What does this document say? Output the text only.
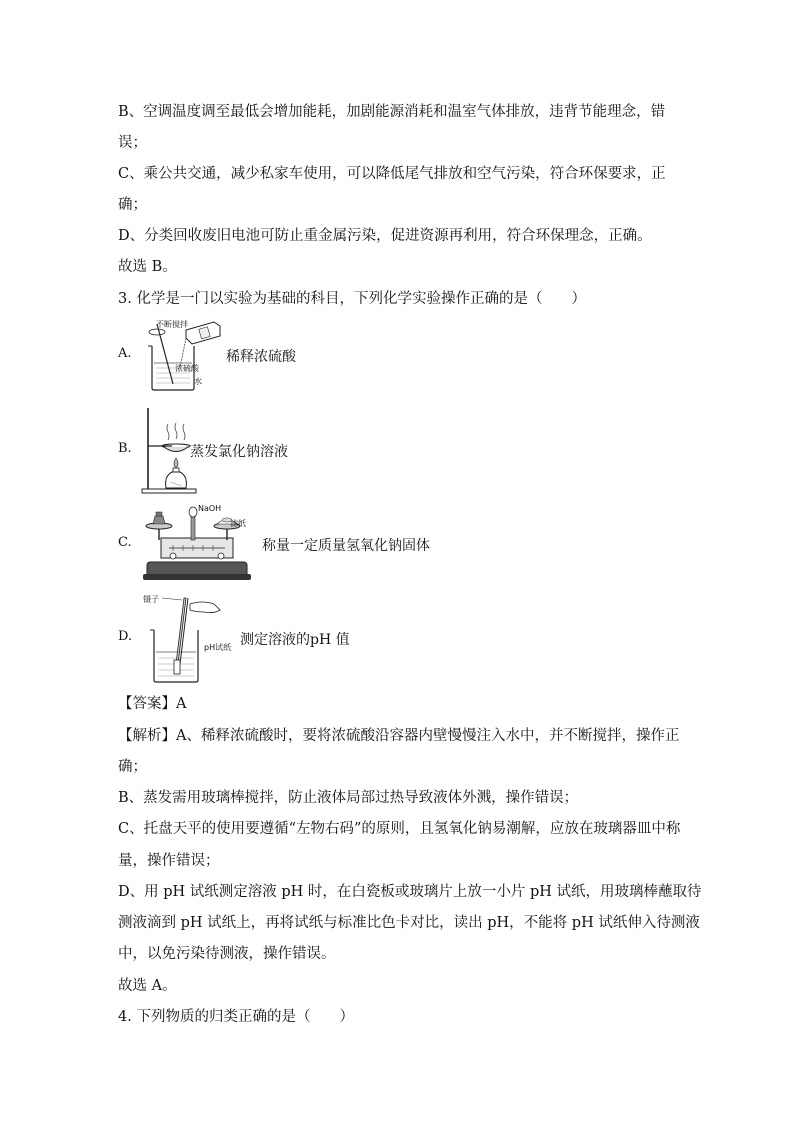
B、空调温度调至最低会增加能耗，加剧能源消耗和温室气体排放，违背节能理念，错
误；
C、乘公共交通，减少私家车使用，可以降低尾气排放和空气污染，符合环保要求，正
确；
D、分类回收废旧电池可防止重金属污染，促进资源再利用，符合环保理念，正确。
故选 B。
3. 化学是一门以实验为基础的科目，下列化学实验操作正确的是（　　）
A.
不断搅拌
浓硫酸
水
稀释浓硫酸
B.	蒸发氯化钠溶液
C.
NaOH
滤纸
称量一定质量氢氧化钠固体
D.
镊子
pH试纸 测定溶液的pH 值
【答案】A
【解析】A、稀释浓硫酸时，要将浓硫酸沿容器内壁慢慢注入水中，并不断搅拌，操作正
确；
B、蒸发需用玻璃棒搅拌，防止液体局部过热导致液体外溅，操作错误；
C、托盘天平的使用要遵循“左物右码”的原则，且氢氧化钠易潮解，应放在玻璃器皿中称
量，操作错误；
D、用 pH 试纸测定溶液 pH 时，在白瓷板或玻璃片上放一小片 pH 试纸，用玻璃棒蘸取待
测液滴到 pH 试纸上，再将试纸与标准比色卡对比，读出 pH，不能将 pH 试纸伸入待测液
中，以免污染待测液，操作错误。
故选 A。
4. 下列物质的归类正确的是（　　）
